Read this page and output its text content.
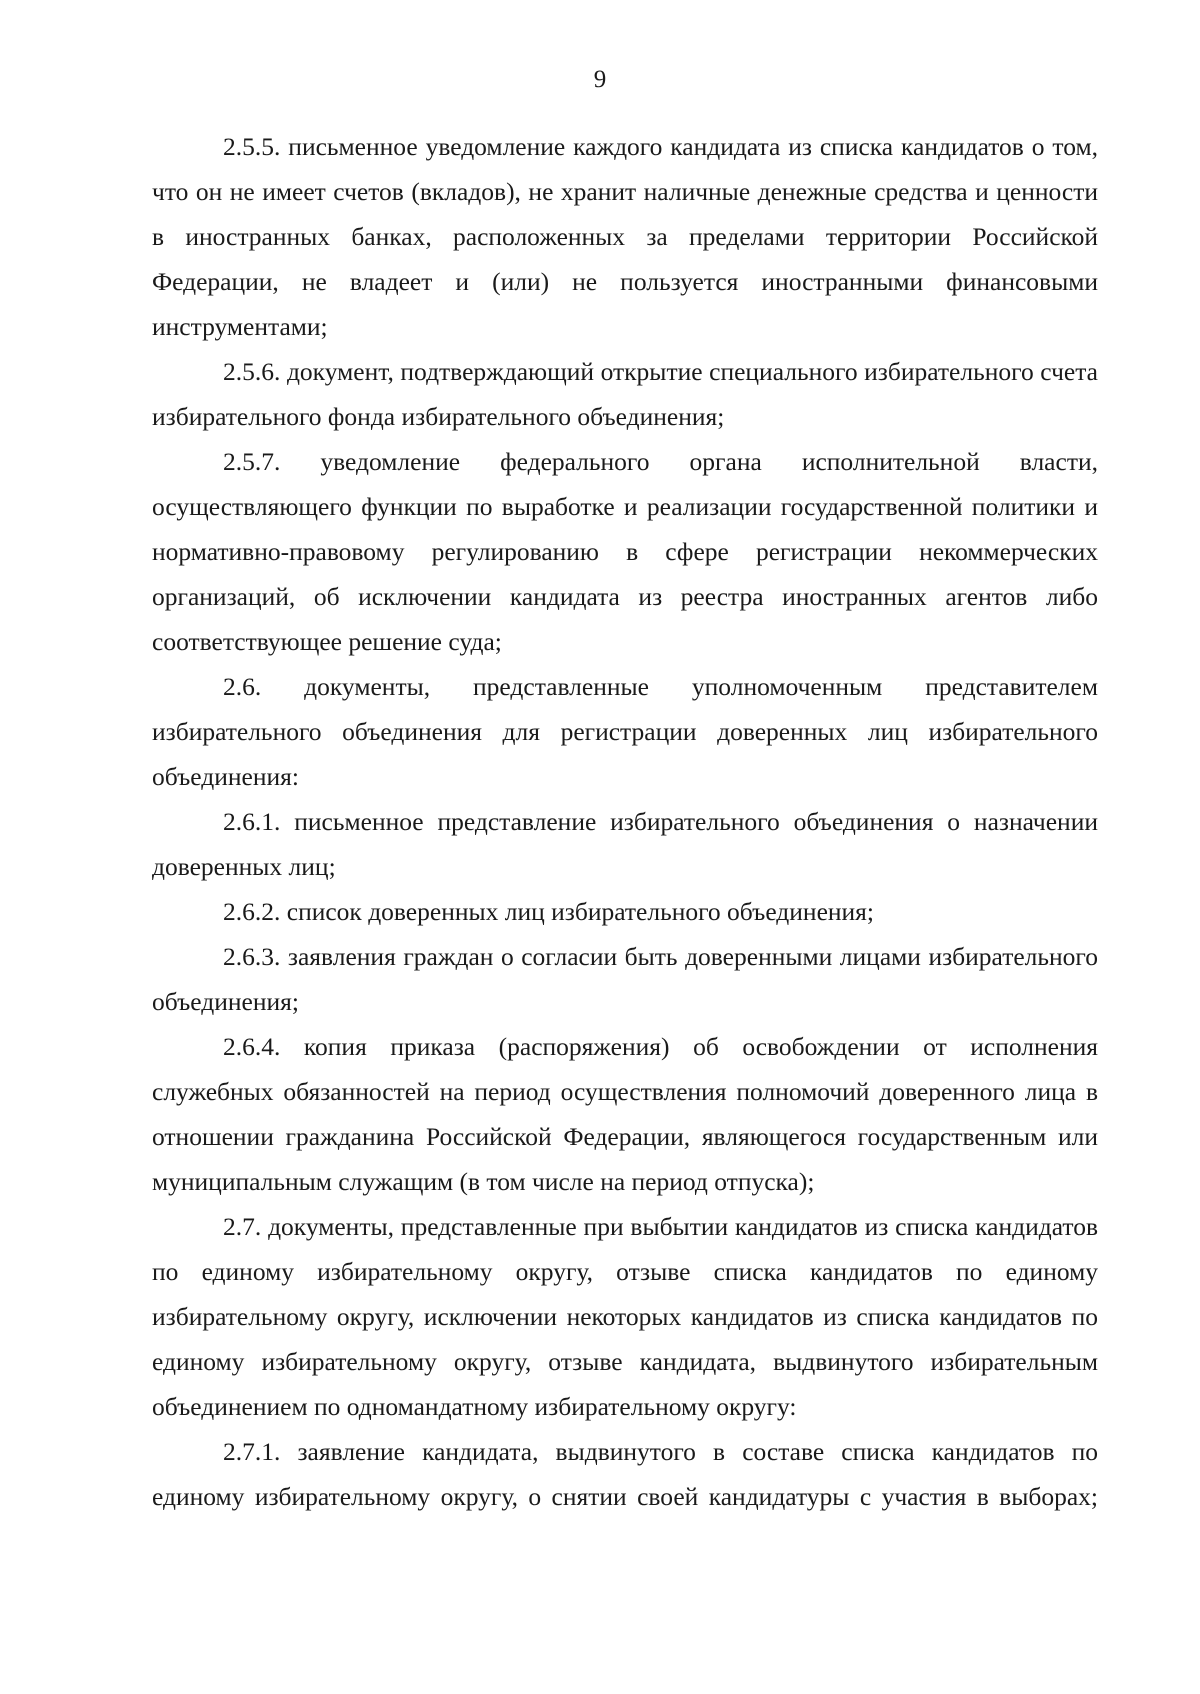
9

2.5.5. письменное уведомление каждого кандидата из списка кандидатов о том, что он не имеет счетов (вкладов), не хранит наличные денежные средства и ценности в иностранных банках, расположенных за пределами территории Российской Федерации, не владеет и (или) не пользуется иностранными финансовыми инструментами;

2.5.6. документ, подтверждающий открытие специального избирательного счета избирательного фонда избирательного объединения;

2.5.7. уведомление федерального органа исполнительной власти, осуществляющего функции по выработке и реализации государственной политики и нормативно-правовому регулированию в сфере регистрации некоммерческих организаций, об исключении кандидата из реестра иностранных агентов либо соответствующее решение суда;

2.6. документы, представленные уполномоченным представителем избирательного объединения для регистрации доверенных лиц избирательного объединения:

2.6.1. письменное представление избирательного объединения о назначении доверенных лиц;

2.6.2. список доверенных лиц избирательного объединения;

2.6.3. заявления граждан о согласии быть доверенными лицами избирательного объединения;

2.6.4. копия приказа (распоряжения) об освобождении от исполнения служебных обязанностей на период осуществления полномочий доверенного лица в отношении гражданина Российской Федерации, являющегося государственным или муниципальным служащим (в том числе на период отпуска);

2.7. документы, представленные при выбытии кандидатов из списка кандидатов по единому избирательному округу, отзыве списка кандидатов по единому избирательному округу, исключении некоторых кандидатов из списка кандидатов по единому избирательному округу, отзыве кандидата, выдвинутого избирательным объединением по одномандатному избирательному округу:

2.7.1. заявление кандидата, выдвинутого в составе списка кандидатов по единому избирательному округу, о снятии своей кандидатуры с участия в выборах;
